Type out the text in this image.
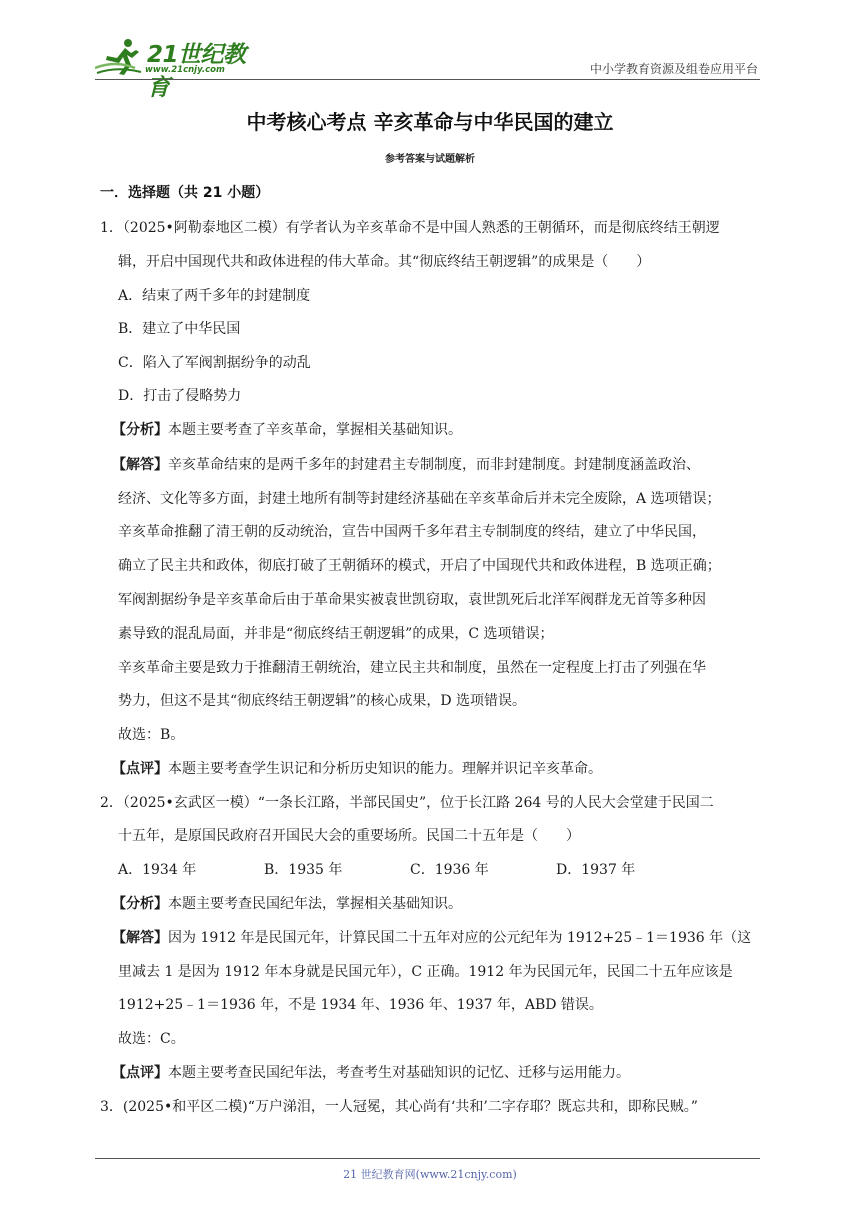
21世纪教育
www.21cnjy.com	中小学教育资源及组卷应用平台
中考核心考点 辛亥革命与中华民国的建立
参考答案与试题解析
一．选择题（共 21 小题）
1．（2025•阿勒泰地区二模）有学者认为辛亥革命不是中国人熟悉的王朝循环，而是彻底终结王朝逻
辑，开启中国现代共和政体进程的伟大革命。其“彻底终结王朝逻辑”的成果是（　　）
A．结束了两千多年的封建制度
B．建立了中华民国
C．陷入了军阀割据纷争的动乱
D．打击了侵略势力
【分析】本题主要考查了辛亥革命，掌握相关基础知识。
【解答】辛亥革命结束的是两千多年的封建君主专制制度，而非封建制度。封建制度涵盖政治、
经济、文化等多方面，封建土地所有制等封建经济基础在辛亥革命后并未完全废除，A 选项错误；
辛亥革命推翻了清王朝的反动统治，宣告中国两千多年君主专制制度的终结，建立了中华民国，
确立了民主共和政体，彻底打破了王朝循环的模式，开启了中国现代共和政体进程，B 选项正确；
军阀割据纷争是辛亥革命后由于革命果实被袁世凯窃取，袁世凯死后北洋军阀群龙无首等多种因
素导致的混乱局面，并非是“彻底终结王朝逻辑”的成果，C 选项错误；
辛亥革命主要是致力于推翻清王朝统治，建立民主共和制度，虽然在一定程度上打击了列强在华
势力，但这不是其“彻底终结王朝逻辑”的核心成果，D 选项错误。
故选：B。
【点评】本题主要考查学生识记和分析历史知识的能力。理解并识记辛亥革命。
2．（2025•玄武区一模）“一条长江路，半部民国史”，位于长江路 264 号的人民大会堂建于民国二
十五年，是原国民政府召开国民大会的重要场所。民国二十五年是（　　）
A．1934 年	B．1935 年	C．1936 年	D．1937 年
【分析】本题主要考查民国纪年法，掌握相关基础知识。
【解答】因为 1912 年是民国元年，计算民国二十五年对应的公元纪年为 1912+25﹣1＝1936 年（这
里减去 1 是因为 1912 年本身就是民国元年），C 正确。1912 年为民国元年，民国二十五年应该是
1912+25﹣1＝1936 年，不是 1934 年、1936 年、1937 年，ABD 错误。
故选：C。
【点评】本题主要考查民国纪年法，考查考生对基础知识的记忆、迁移与运用能力。
3．(2025•和平区二模)“万户涕泪，一人冠冕，其心尚有‘共和’二字存耶？既忘共和，即称民贼。”
21 世纪教育网(www.21cnjy.com)
